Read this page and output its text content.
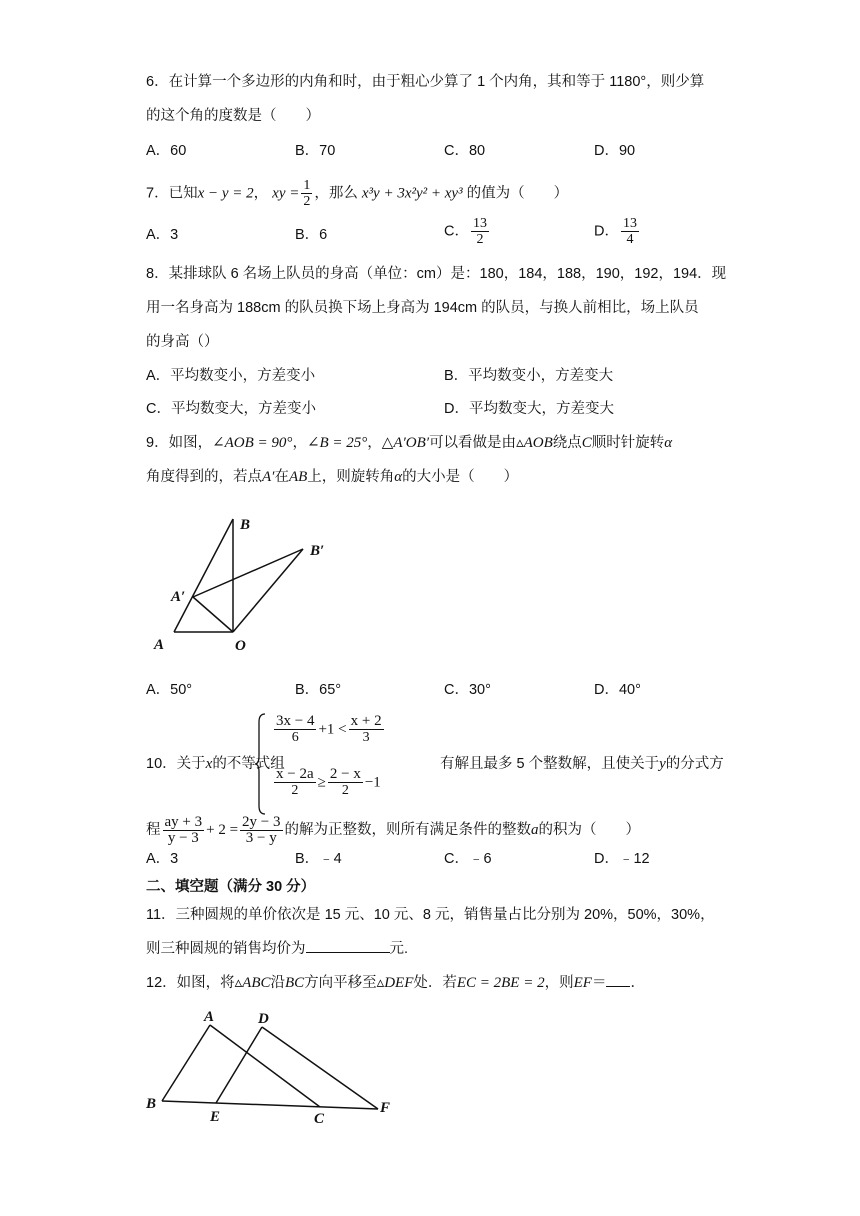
6．在计算一个多边形的内角和时，由于粗心少算了 1 个内角，其和等于 1180°，则少算
的这个角的度数是（　　）
A．60	B．70	C．80	D．90
7．已知x − y = 2， xy = $\frac{1}{2}$ ，那么 x³y + 3x²y² + xy³ 的值为（　　）
A．3	B．6	C． $\frac{13}{2}$	D． $\frac{13}{4}$
8．某排球队 6 名场上队员的身高（单位：cm）是：180，184，188，190，192，194．现
用一名身高为 188cm 的队员换下场上身高为 194cm 的队员，与换人前相比，场上队员
的身高（）
A．平均数变小，方差变小	B．平均数变小，方差变大
C．平均数变大，方差变小	D．平均数变大，方差变大
9．如图，∠AOB = 90°，∠B = 25°，△A′OB′可以看做是由▵AOB绕点C顺时针旋转α
角度得到的，若点A′在AB上，则旋转角α的大小是（　　）
B
B′
A′
A	O
A．50°	B．65°	C．30°	D．40°
10．关于x的不等式组
$\frac{3x - 4}{6} +1 < \frac{x + 2}{3}$
$\frac{x - 2a}{2} \ge \frac{2 - x}{2} -1$
有解且最多 5 个整数解，且使关于y的分式方
程 $\frac{ay + 3}{y - 3} + 2 = \frac{2y - 3}{3 - y}$ 的解为正整数，则所有满足条件的整数a的积为（　　）
A．3	B．﹣4	C．﹣6	D．﹣12
二、填空题（满分 30 分）
11．三种圆规的单价依次是 15 元、10 元、8 元，销售量占比分别为 20%，50%，30%，
则三种圆规的销售均价为	元.
12．如图，将▵ABC沿BC方向平移至▵DEF处．若EC = 2BE = 2，则EF＝ ．
A	D
B
E	C
F
